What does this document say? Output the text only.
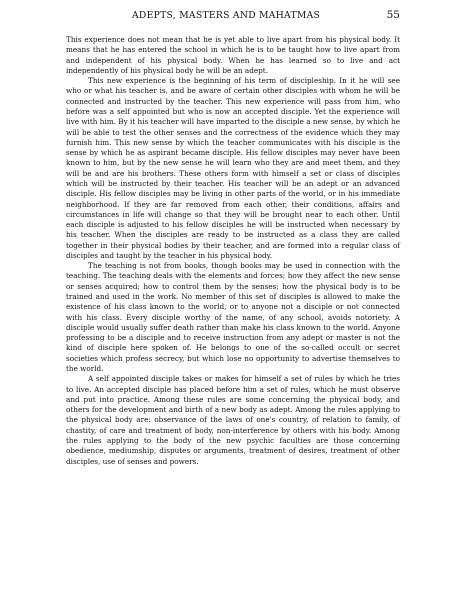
ADEPTS, MASTERS AND MAHATMAS	55

This experience does not mean that he is yet able to live apart from his physical body. It means that he has entered the school in which he is to be taught how to live apart from and independent of his physical body. When he has learned so to live and act independently of his physical body he will be an adept.

This new experience is the beginning of his term of discipleship. In it he will see who or what his teacher is, and be aware of certain other disciples with whom he will be connected and instructed by the teacher. This new experience will pass from him, who before was a self appointed but who is now an accepted disciple. Yet the experience will live with him. By it his teacher will have imparted to the disciple a new sense, by which he will be able to test the other senses and the correctness of the evidence which they may furnish him. This new sense by which the teacher communicates with his disciple is the sense by which he as aspirant became disciple. His fellow disciples may never have been known to him, but by the new sense he will learn who they are and meet them, and they will be and are his brothers. These others form with himself a set or class of disciples which will be instructed by their teacher. His teacher will be an adept or an advanced disciple. His fellow disciples may be living in other parts of the world, or in his immediate neighborhood. If they are far removed from each other, their conditions, affairs and circumstances in life will change so that they will be brought near to each other. Until each disciple is adjusted to his fellow disciples he will be instructed when necessary by his teacher. When the disciples are ready to be instructed as a class they are called together in their physical bodies by their teacher, and are formed into a regular class of disciples and taught by the teacher in his physical body.

The teaching is not from books, though books may be used in connection with the teaching. The teaching deals with the elements and forces; how they affect the new sense or senses acquired; how to control them by the senses; how the physical body is to be trained and used in the work. No member of this set of disciples is allowed to make the existence of his class known to the world, or to anyone not a disciple or not connected with his class. Every disciple worthy of the name, of any school, avoids notoriety. A disciple would usually suffer death rather than make his class known to the world. Anyone professing to be a disciple and to receive instruction from any adept or master is not the kind of disciple here spoken of. He belongs to one of the so-called occult or secret societies which profess secrecy, but which lose no opportunity to advertise themselves to the world.

A self appointed disciple takes or makes for himself a set of rules by which he tries to live. An accepted disciple has placed before him a set of rules, which he must observe and put into practice. Among these rules are some concerning the physical body, and others for the development and birth of a new body as adept. Among the rules applying to the physical body are: observance of the laws of one's country, of relation to family, of chastity, of care and treatment of body, non-interference by others with his body. Among the rules applying to the body of the new psychic faculties are those concerning obedience, mediumship, disputes or arguments, treatment of desires, treatment of other disciples, use of senses and powers.
